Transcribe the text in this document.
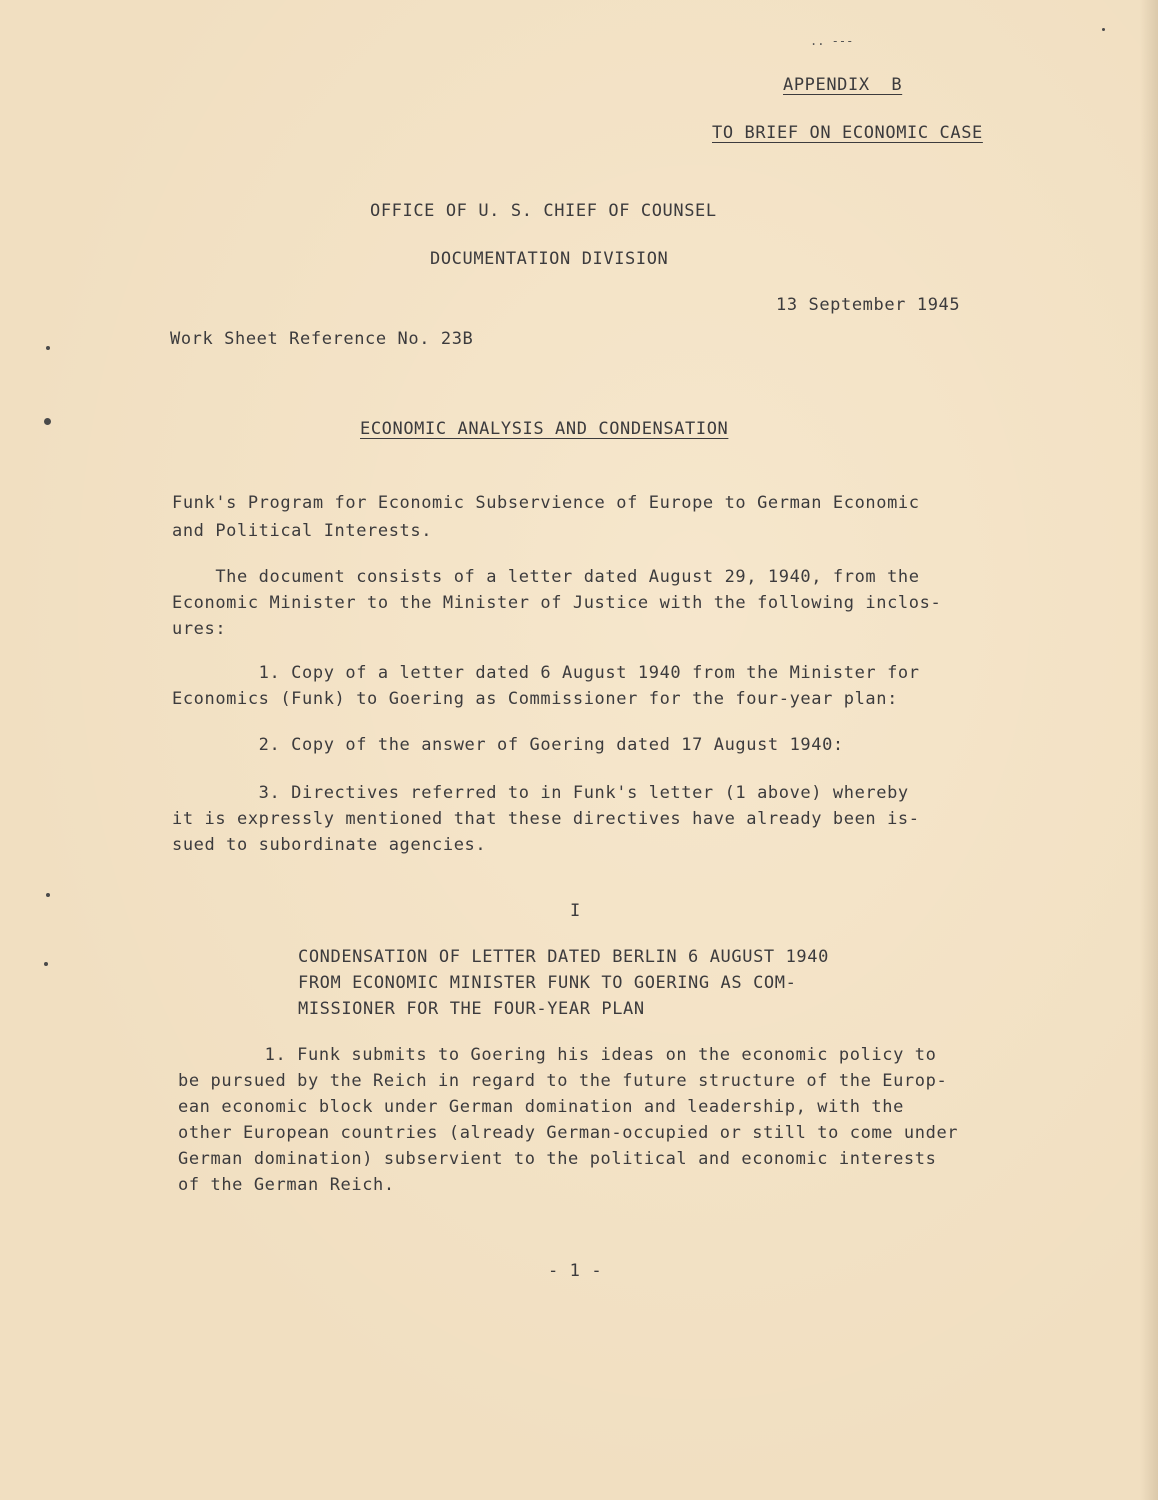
.. ---
APPENDIX  B
TO BRIEF ON ECONOMIC CASE
OFFICE OF U. S. CHIEF OF COUNSEL
DOCUMENTATION DIVISION
13 September 1945
Work Sheet Reference No. 23B
ECONOMIC ANALYSIS AND CONDENSATION
Funk's Program for Economic Subservience of Europe to German Economic
and Political Interests.
The document consists of a letter dated August 29, 1940, from the
Economic Minister to the Minister of Justice with the following inclos-
ures:
1. Copy of a letter dated 6 August 1940 from the Minister for
Economics (Funk) to Goering as Commissioner for the four-year plan:
2. Copy of the answer of Goering dated 17 August 1940:
3. Directives referred to in Funk's letter (1 above) whereby
it is expressly mentioned that these directives have already been is-
sued to subordinate agencies.
I
CONDENSATION OF LETTER DATED BERLIN 6 AUGUST 1940
FROM ECONOMIC MINISTER FUNK TO GOERING AS COM-
MISSIONER FOR THE FOUR-YEAR PLAN
1. Funk submits to Goering his ideas on the economic policy to
be pursued by the Reich in regard to the future structure of the Europ-
ean economic block under German domination and leadership, with the
other European countries (already German-occupied or still to come under
German domination) subservient to the political and economic interests
of the German Reich.
- 1 -
